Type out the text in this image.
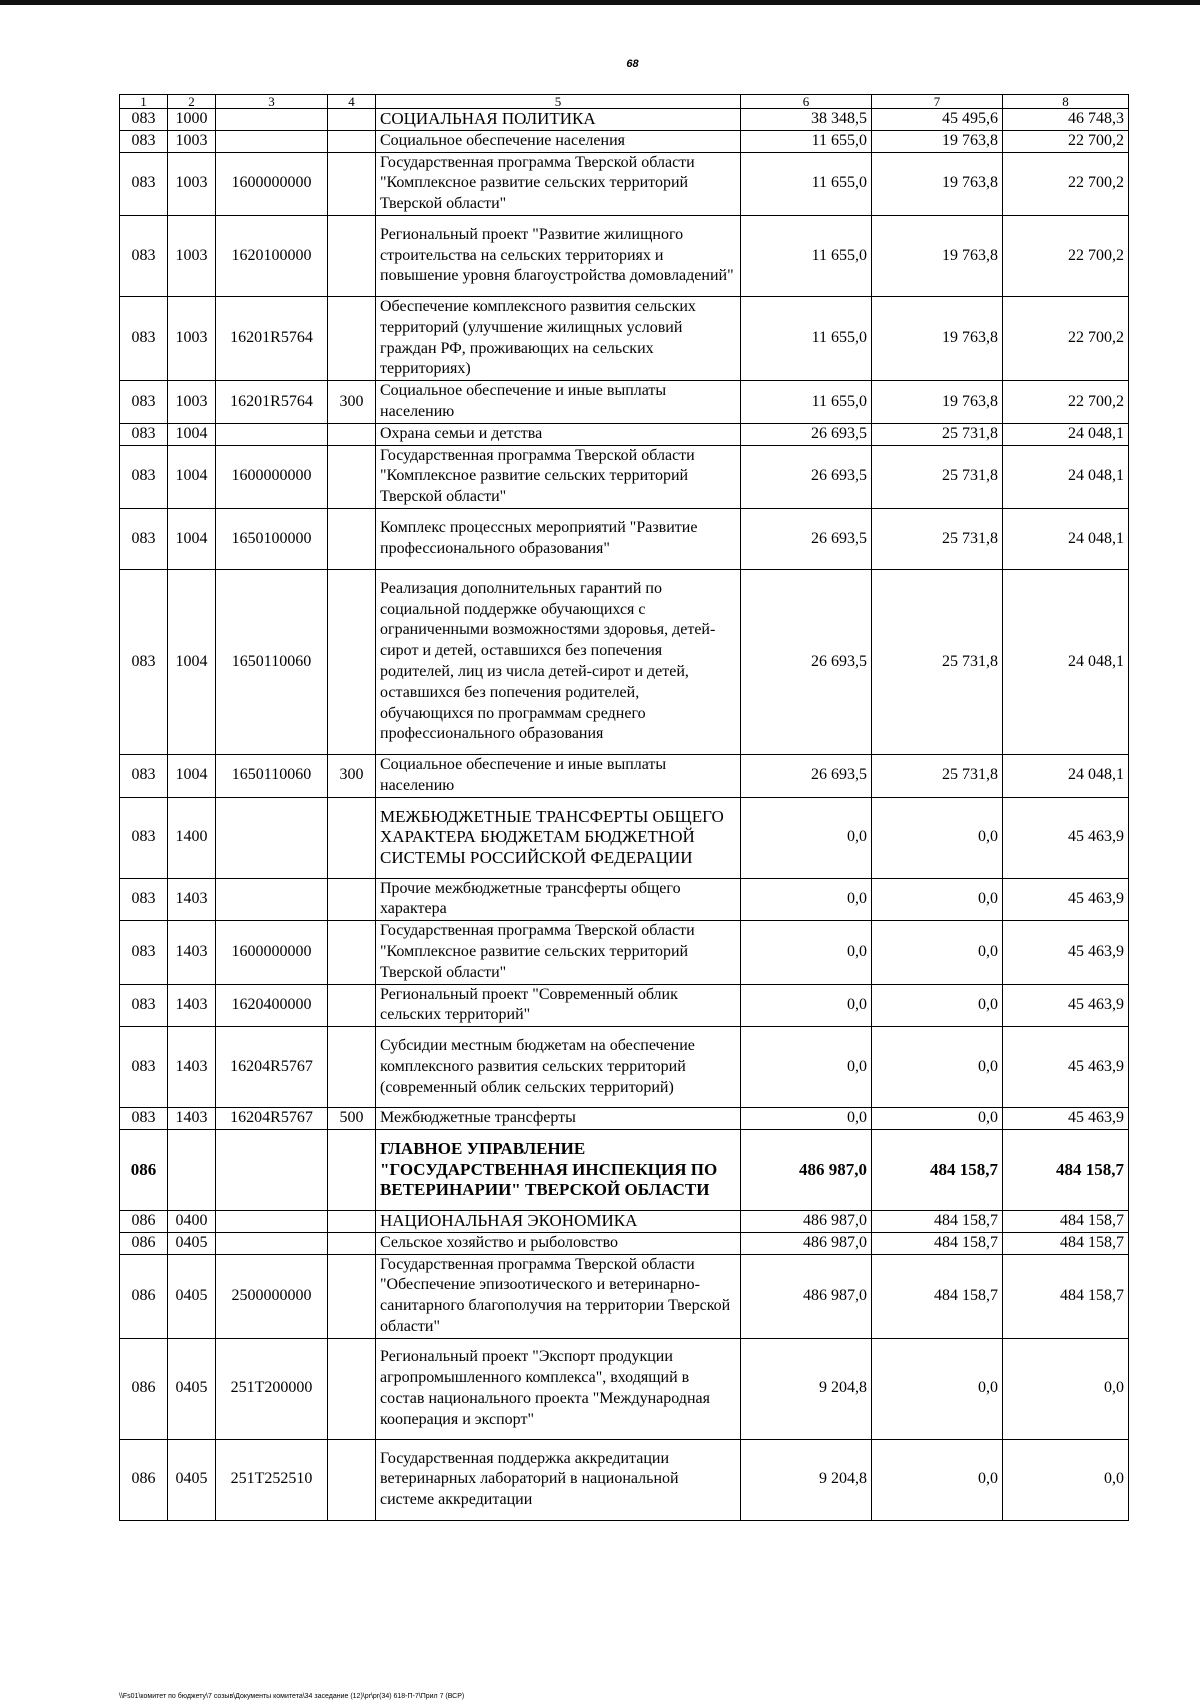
68
1	2	3	4	5	6	7	8
083	1000			СОЦИАЛЬНАЯ ПОЛИТИКА	38 348,5	45 495,6	46 748,3
083	1003			Социальное обеспечение населения	11 655,0	19 763,8	22 700,2
083	1003	1600000000		Государственная программа Тверской области "Комплексное развитие сельских территорий Тверской области"	11 655,0	19 763,8	22 700,2
083	1003	1620100000		Региональный проект "Развитие жилищного строительства на сельских территориях и повышение уровня благоустройства домовладений"	11 655,0	19 763,8	22 700,2
083	1003	16201R5764		Обеспечение комплексного развития сельских территорий (улучшение жилищных условий граждан РФ, проживающих на сельских территориях)	11 655,0	19 763,8	22 700,2
083	1003	16201R5764	300	Социальное обеспечение и иные выплаты населению	11 655,0	19 763,8	22 700,2
083	1004			Охрана семьи и детства	26 693,5	25 731,8	24 048,1
083	1004	1600000000		Государственная программа Тверской области "Комплексное развитие сельских территорий Тверской области"	26 693,5	25 731,8	24 048,1
083	1004	1650100000		Комплекс процессных мероприятий "Развитие профессионального образования"	26 693,5	25 731,8	24 048,1
083	1004	1650110060		Реализация дополнительных гарантий по социальной поддержке обучающихся с ограниченными возможностями здоровья, детей-сирот и детей, оставшихся без попечения родителей, лиц из числа детей-сирот и детей, оставшихся без попечения родителей, обучающихся по программам среднего профессионального образования	26 693,5	25 731,8	24 048,1
083	1004	1650110060	300	Социальное обеспечение и иные выплаты населению	26 693,5	25 731,8	24 048,1
083	1400			МЕЖБЮДЖЕТНЫЕ ТРАНСФЕРТЫ ОБЩЕГО ХАРАКТЕРА БЮДЖЕТАМ БЮДЖЕТНОЙ СИСТЕМЫ РОССИЙСКОЙ ФЕДЕРАЦИИ	0,0	0,0	45 463,9
083	1403			Прочие межбюджетные трансферты общего характера	0,0	0,0	45 463,9
083	1403	1600000000		Государственная программа Тверской области "Комплексное развитие сельских территорий Тверской области"	0,0	0,0	45 463,9
083	1403	1620400000		Региональный проект "Современный облик сельских территорий"	0,0	0,0	45 463,9
083	1403	16204R5767		Субсидии местным бюджетам на обеспечение комплексного развития сельских территорий (современный облик сельских территорий)	0,0	0,0	45 463,9
083	1403	16204R5767	500	Межбюджетные трансферты	0,0	0,0	45 463,9
086				ГЛАВНОЕ УПРАВЛЕНИЕ "ГОСУДАРСТВЕННАЯ ИНСПЕКЦИЯ ПО ВЕТЕРИНАРИИ" ТВЕРСКОЙ ОБЛАСТИ	486 987,0	484 158,7	484 158,7
086	0400			НАЦИОНАЛЬНАЯ ЭКОНОМИКА	486 987,0	484 158,7	484 158,7
086	0405			Сельское хозяйство и рыболовство	486 987,0	484 158,7	484 158,7
086	0405	2500000000		Государственная программа Тверской области "Обеспечение эпизоотического и ветеринарно-санитарного благополучия на территории Тверской области"	486 987,0	484 158,7	484 158,7
086	0405	251T200000		Региональный проект "Экспорт продукции агропромышленного комплекса", входящий в состав национального проекта "Международная кооперация и экспорт"	9 204,8	0,0	0,0
086	0405	251T252510		Государственная поддержка аккредитации ветеринарных лабораторий в национальной системе аккредитации	9 204,8	0,0	0,0
\\Fs01\комитет по бюджету\7 созыв\Документы комитета\34 заседание (12)\pr\pr(34) 618-П-7\Прил 7 (ВСР)
